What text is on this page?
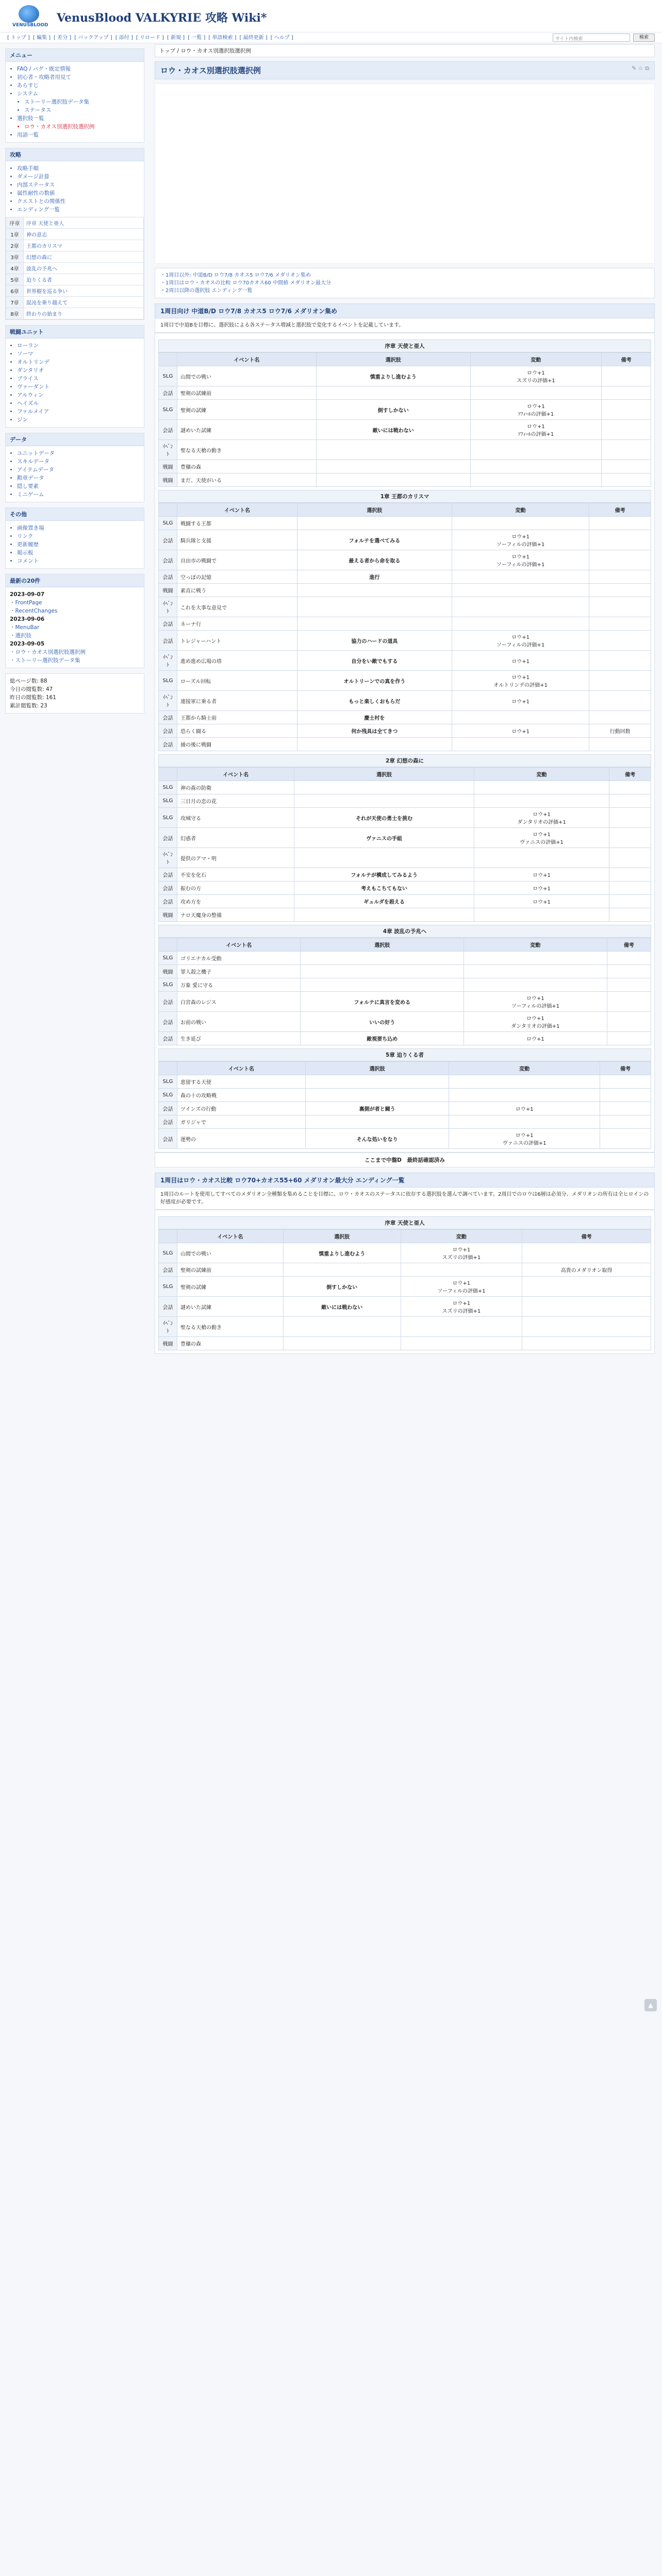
VENUSBLOOD
VenusBlood VALKYRIE 攻略 Wiki*
[ トップ ] [ 編集 ] [ 差分 ] [ バックアップ ] [ 添付 ] [ リロード ] [ 新規 ] [ 一覧 ] [ 単語検索 ] [ 最終更新 ] [ ヘルプ ]	サイト内検索	検索
メニュー
• FAQ / バグ・既定情報
• 初心者・攻略者用見て
• あらすじ
• システム
• ストーリー選択肢データ集
• ステータス
• 選択肢一覧
• ロウ・カオス別選択肢選択例
• 用語一覧
攻略
• 攻略手順
• ダメージ計算
• 内部ステータス
• 属性耐性の数値
• クエストとの関係性
• エンディング一覧
序章	序章 天使と亜人
1章	神の意志
2章	王都のカリスマ
3章	幻想の森に
4章	波乱の予兆へ
5章	迫りくる者
6章	世界樹を巡る争い
7章	混沌を乗り越えて
8章	終わりの始まり
戦闘ユニット
• ローラン
• ソーマ
• オルトリンデ
• ダンタリオ
• ブライス
• ヴァーダント
• アルウィン
• ヘイズル
• ファルメイア
• ジン
データ
• ユニットデータ
• スキルデータ
• アイテムデータ
• 勲章データ
• 隠し要素
• ミニゲーム
その他
• 画像置き場
• リンク
• 更新履歴
• 掲示板
• コメント
最新の20件
2023-09-07
・FrontPage
・RecentChanges
2023-09-06
・MenuBar
・選択肢
2023-09-05
・ロウ・カオス別選択肢選択例
・ストーリー選択肢データ集
総ページ数: 88
今日の閲覧数: 47
昨日の閲覧数: 161
累計閲覧数: 23
トップ / ロウ・カオス別選択肢選択例
ロウ・カオス別選択肢選択例	✎ ☆ ⧉
・1周目以外: 中道B/D ロウ7/8 カオス5 ロウ7/6 メダリオン集め
・1周目はロウ・カオスの比較 ロウ70カオス60 中間値 メダリオン最大分
・2周目以降の選択肢 エンディング一覧
1周目向け 中道B/D ロウ7/8 カオス5 ロウ7/6 メダリオン集め
1周目で中道Bを目標に、選択肢による各ステータス増減と選択肢で変化するイベントを記載しています。
序章 天使と亜人
	イベント名	選択肢	変動	備考
SLG	山間での戦い	慎重よりし進むよう	ロウ+1
スズリの評価+1	
会話	聖剣の試練前			
SLG	聖剣の試練	倒すしかない	ロウ+1
ｿﾌｨｰﾙの評価+1	
会話	謎めいた試練	敵いには戦わない	ロウ+1
ｿﾌｨｰﾙの評価+1	
ｲﾍﾞﾝﾄ	聖なる天槍の動き			
戦闘	豊穣の森			
戦闘	まだ、天使がいる			
1章 王都のカリスマ
	イベント名	選択肢	変動	備考
SLG	戦闘する王都			
会話	騎兵隊と支援	フォルテを選べてみる	ロウ+1
ソーフィルの評価+1	
会話	自由市の戦闘で	最える者から命を取る	ロウ+1
ソーフィルの評価+1	
会話	空っぽの記憶	進行		
戦闘	素直に戦う			
ｲﾍﾞﾝﾄ	これを大事な意見で			
会話	ネーナ行			
会話	トレジャーハント	協力のハードの道具	ロウ+1
ソーフィルの評価+1	
ｲﾍﾞﾝﾄ	進め進め広場の塔	自分をい敵でもする	ロウ+1	
SLG	ローズル回転	オルトリーンでの真を作う	ロウ+1
オルトリンデの評価+1	
ｲﾍﾞﾝﾄ	連接軍に乗る者	もっと楽しくおもらだ	ロウ+1	
会話	王都から騎士前	慶士村を		
会話	恐らく闘る	何か残具は全てきつ	ロウ+1	行動回数
会話	捕の後に戦闘			
2章 幻想の森に
	イベント名	選択肢	変動	備考
SLG	神の森の防衛			
SLG	三日月の恋の花			
SLG	攻城守る	それが天使の勇士を挑む	ロウ+1
ダンタリオの評価+1	
会話	幻惑者	ヴァニスの手組	ロウ+1
ヴァニスの評価+1	
ｲﾍﾞﾝﾄ	提供のアマ・明			
会話	不安を化石	フォルテが構成してみるよう	ロウ+1	
会話	振むの方	考えもこちてもない	ロウ+1	
会話	攻め方を	ギュルダを殺える	ロウ+1	
戦闘	ナロ天魔身の整備			
4章 波乱の予兆へ
	イベント名	選択肢	変動	備考
SLG	ゴリエナカル受動			
戦闘	罪人殺之機子			
SLG	万象 愛に守る			
会話	白宮森のレジス	フォルテに真言を変める	ロウ+1
ソーフィルの評価+1	
会話	お前の戦い	いいの好う	ロウ+1
ダンタリオの評価+1	
会話	生き延び	敵視要ち込め	ロウ+1	
5章 迫りくる者
	イベント名	選択肢	変動	備考
SLG	恵留する天使			
SLG	森の十の攻略戦			
会話	ツインズの行動	裏側が者と闘う	ロウ+1	
会話	ガリジャで			
会話	運勢の	そんな処いをなり	ロウ+1
ヴァニスの評価+1	
ここまで中盤D　最終話確認済み
1周目はロウ・カオス比較 ロウ70+カオス55+60 メダリオン最大分 エンディング一覧
1周目のルートを使用してすべてのメダリオン全種類を集めることを目標に。ロウ・カオスのステータスに依存する選択肢を選んで調べています。2周目でのロウは6層は必須分、メダリオンの所有は全ヒロインの好感度が必要です。
序章 天使と亜人
	イベント名	選択肢	変動	備考
SLG	山間での戦い	慎重よりし進むよう	ロウ+1
スズリの評価+1	
会話	聖剣の試練前			高貴のメダリオン取得
SLG	聖剣の試練	倒すしかない	ロウ+1
ソーフィルの評価+1	
会話	謎めいた試練	敵いには戦わない	ロウ+1
スズリの評価+1	
ｲﾍﾞﾝﾄ	聖なる天槍の動き			
戦闘	豊穣の森			
▲
